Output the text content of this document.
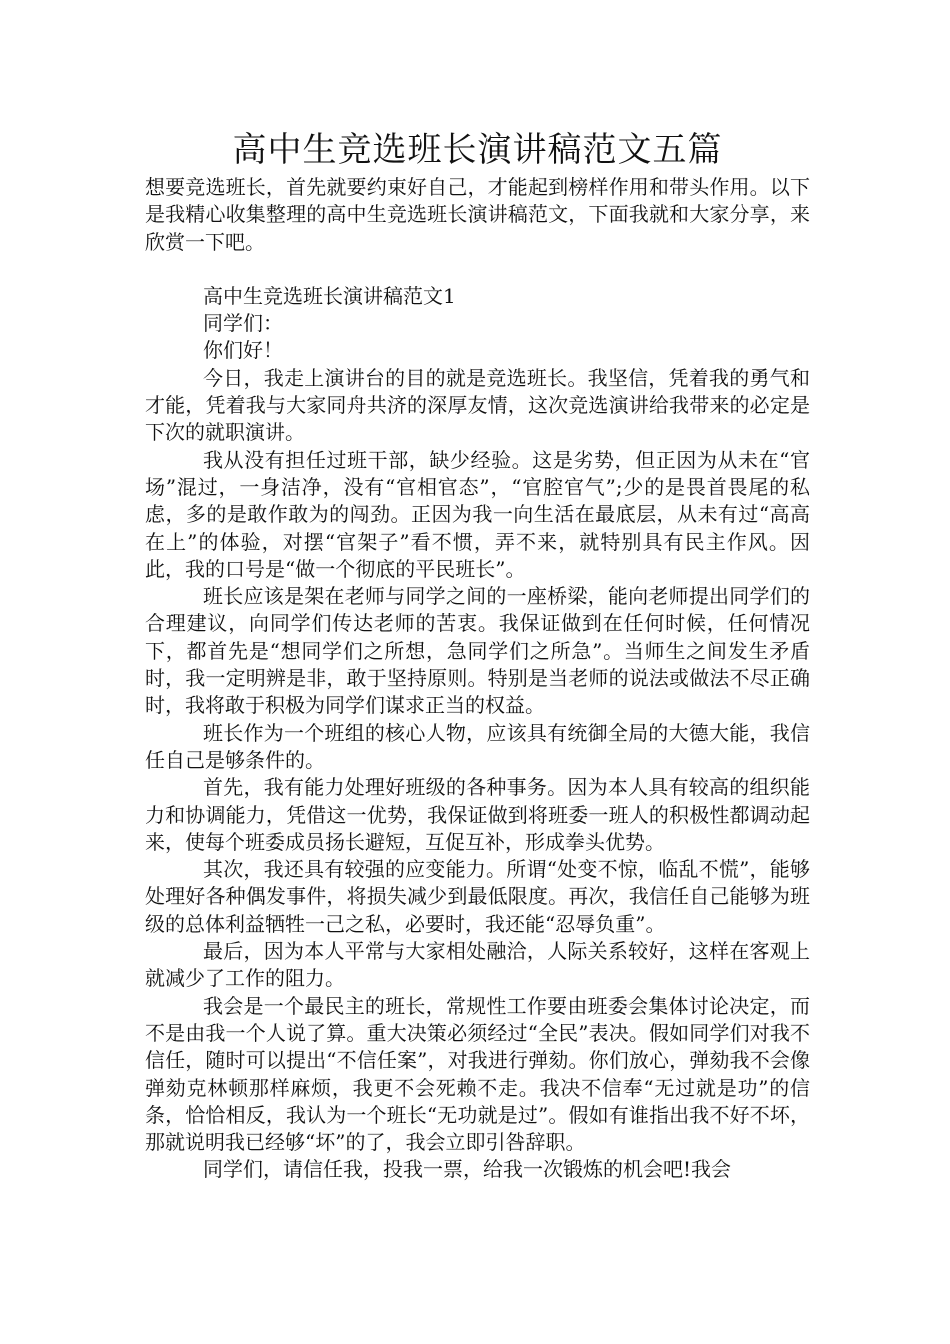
高中生竞选班长演讲稿范文五篇

想要竞选班长，首先就要约束好自己，才能起到榜样作用和带头作用。以下是我精心收集整理的高中生竞选班长演讲稿范文，下面我就和大家分享，来欣赏一下吧。

高中生竞选班长演讲稿范文1

同学们：

你们好！

今日，我走上演讲台的目的就是竞选班长。我坚信，凭着我的勇气和才能，凭着我与大家同舟共济的深厚友情，这次竞选演讲给我带来的必定是下次的就职演讲。

我从没有担任过班干部，缺少经验。这是劣势，但正因为从未在“官场”混过，一身洁净，没有“官相官态”，“官腔官气”;少的是畏首畏尾的私虑，多的是敢作敢为的闯劲。正因为我一向生活在最底层，从未有过“高高在上”的体验，对摆“官架子”看不惯，弄不来，就特别具有民主作风。因此，我的口号是“做一个彻底的平民班长”。

班长应该是架在老师与同学之间的一座桥梁，能向老师提出同学们的合理建议，向同学们传达老师的苦衷。我保证做到在任何时候，任何情况下，都首先是“想同学们之所想，急同学们之所急”。当师生之间发生矛盾时，我一定明辨是非，敢于坚持原则。特别是当老师的说法或做法不尽正确时，我将敢于积极为同学们谋求正当的权益。

班长作为一个班组的核心人物，应该具有统御全局的大德大能，我信任自己是够条件的。

首先，我有能力处理好班级的各种事务。因为本人具有较高的组织能力和协调能力，凭借这一优势，我保证做到将班委一班人的积极性都调动起来，使每个班委成员扬长避短，互促互补，形成拳头优势。

其次，我还具有较强的应变能力。所谓“处变不惊，临乱不慌”，能够处理好各种偶发事件，将损失减少到最低限度。再次，我信任自己能够为班级的总体利益牺牲一己之私，必要时，我还能“忍辱负重”。

最后，因为本人平常与大家相处融洽，人际关系较好，这样在客观上就减少了工作的阻力。

我会是一个最民主的班长，常规性工作要由班委会集体讨论决定，而不是由我一个人说了算。重大决策必须经过“全民”表决。假如同学们对我不信任，随时可以提出“不信任案”，对我进行弹劾。你们放心，弹劾我不会像弹劾克林顿那样麻烦，我更不会死赖不走。我决不信奉“无过就是功”的信条，恰恰相反，我认为一个班长“无功就是过”。假如有谁指出我不好不坏，那就说明我已经够“坏”的了，我会立即引咎辞职。

同学们，请信任我，投我一票，给我一次锻炼的机会吧!我会
